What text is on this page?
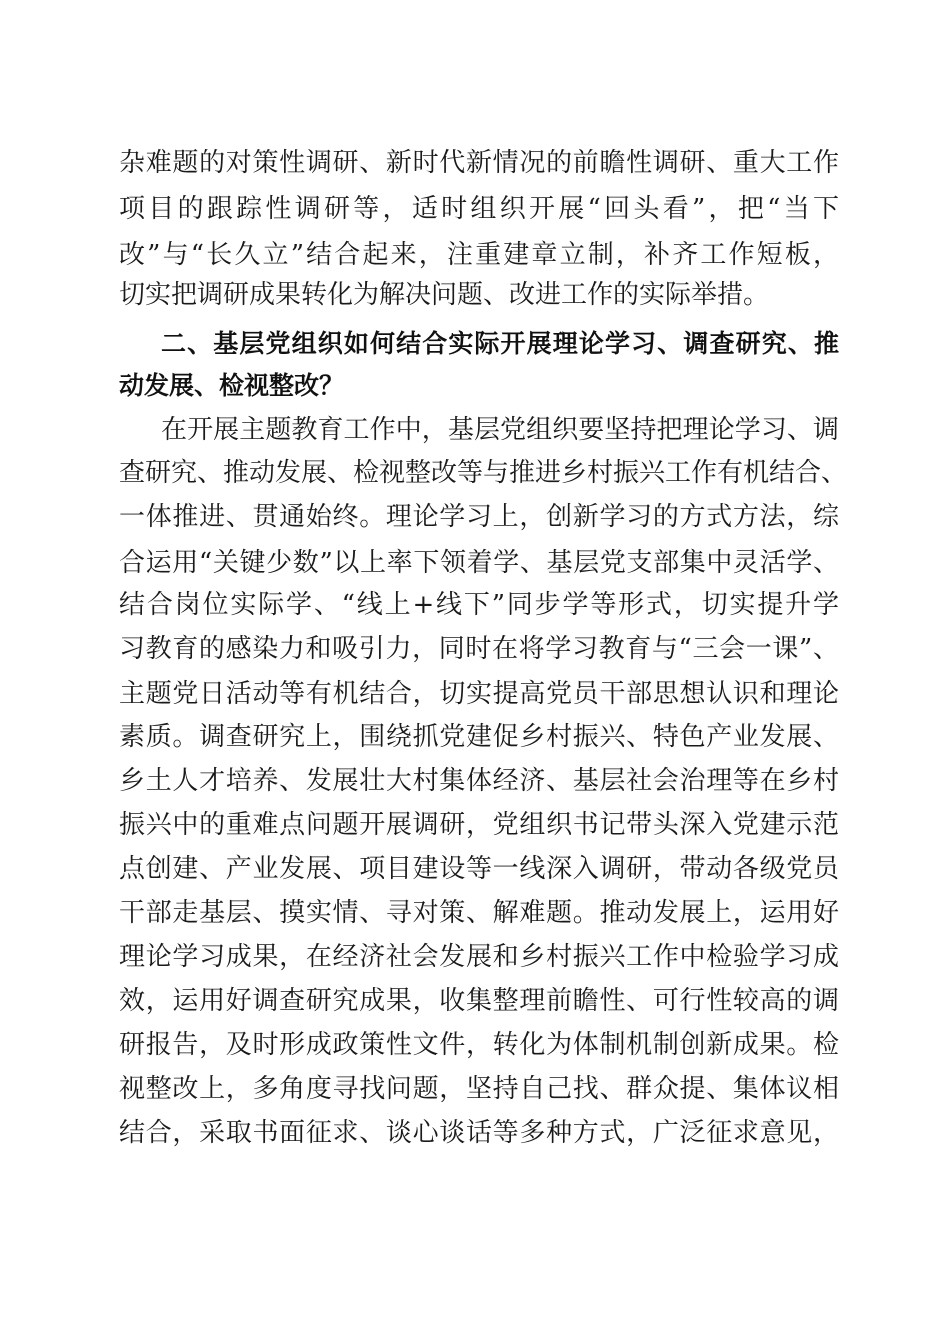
杂难题的对策性调研、新时代新情况的前瞻性调研、重大工作
项目的跟踪性调研等，适时组织开展“回头看”，把“当下
改”与“长久立”结合起来，注重建章立制，补齐工作短板，
切实把调研成果转化为解决问题、改进工作的实际举措。
二、基层党组织如何结合实际开展理论学习、调查研究、推
动发展、检视整改？
在开展主题教育工作中，基层党组织要坚持把理论学习、调
查研究、推动发展、检视整改等与推进乡村振兴工作有机结合、
一体推进、贯通始终。理论学习上，创新学习的方式方法，综
合运用“关键少数”以上率下领着学、基层党支部集中灵活学、
结合岗位实际学、“线上+线下”同步学等形式，切实提升学
习教育的感染力和吸引力，同时在将学习教育与“三会一课”、
主题党日活动等有机结合，切实提高党员干部思想认识和理论
素质。调查研究上，围绕抓党建促乡村振兴、特色产业发展、
乡土人才培养、发展壮大村集体经济、基层社会治理等在乡村
振兴中的重难点问题开展调研，党组织书记带头深入党建示范
点创建、产业发展、项目建设等一线深入调研，带动各级党员
干部走基层、摸实情、寻对策、解难题。推动发展上，运用好
理论学习成果，在经济社会发展和乡村振兴工作中检验学习成
效，运用好调查研究成果，收集整理前瞻性、可行性较高的调
研报告，及时形成政策性文件，转化为体制机制创新成果。检
视整改上，多角度寻找问题，坚持自己找、群众提、集体议相
结合，采取书面征求、谈心谈话等多种方式，广泛征求意见，
